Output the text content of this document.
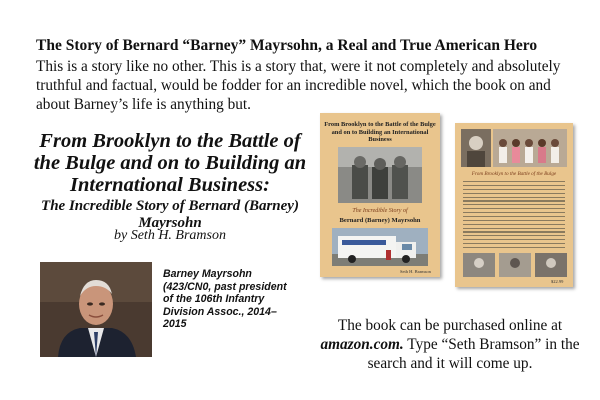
The Story of Bernard “Barney” Mayrsohn, a Real and True American Hero
This is a story like no other. This is a story that, were it not completely and absolutely truthful and factual, would be fodder for an incredible novel, which the book on and about Barney’s life is anything but.
From Brooklyn to the Battle of the Bulge and on to Building an International Business:
The Incredible Story of Bernard (Barney) Mayrsohn
by Seth H. Bramson
Barney Mayrsohn (423/CN0, past president of the 106th Infantry Division Assoc., 2014–2015
From Brooklyn to the Battle of the Bulge and on to Building an International Business
The Incredible Story of
Bernard (Barney) Mayrsohn
Seth H. Bramson
From Brooklyn to the Battle of the Bulge
$22.99
The book can be purchased online at amazon.com. Type “Seth Bramson” in the search and it will come up.
